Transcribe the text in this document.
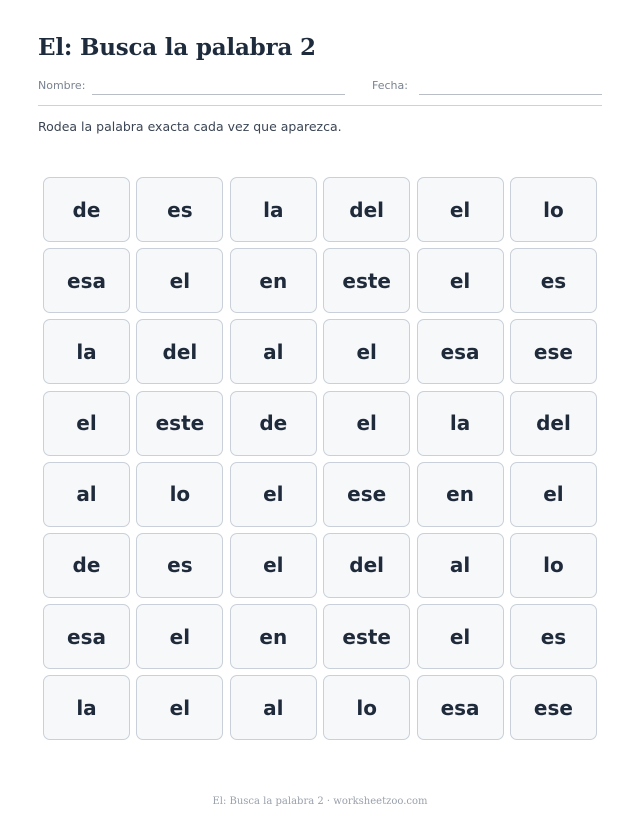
El: Busca la palabra 2
Nombre:	Fecha:

Rodea la palabra exacta cada vez que aparezca.

de	es	la	del	el	lo
esa	el	en	este	el	es
la	del	al	el	esa	ese
el	este	de	el	la	del
al	lo	el	ese	en	el
de	es	el	del	al	lo
esa	el	en	este	el	es
la	el	al	lo	esa	ese
El: Busca la palabra 2 · worksheetzoo.com
